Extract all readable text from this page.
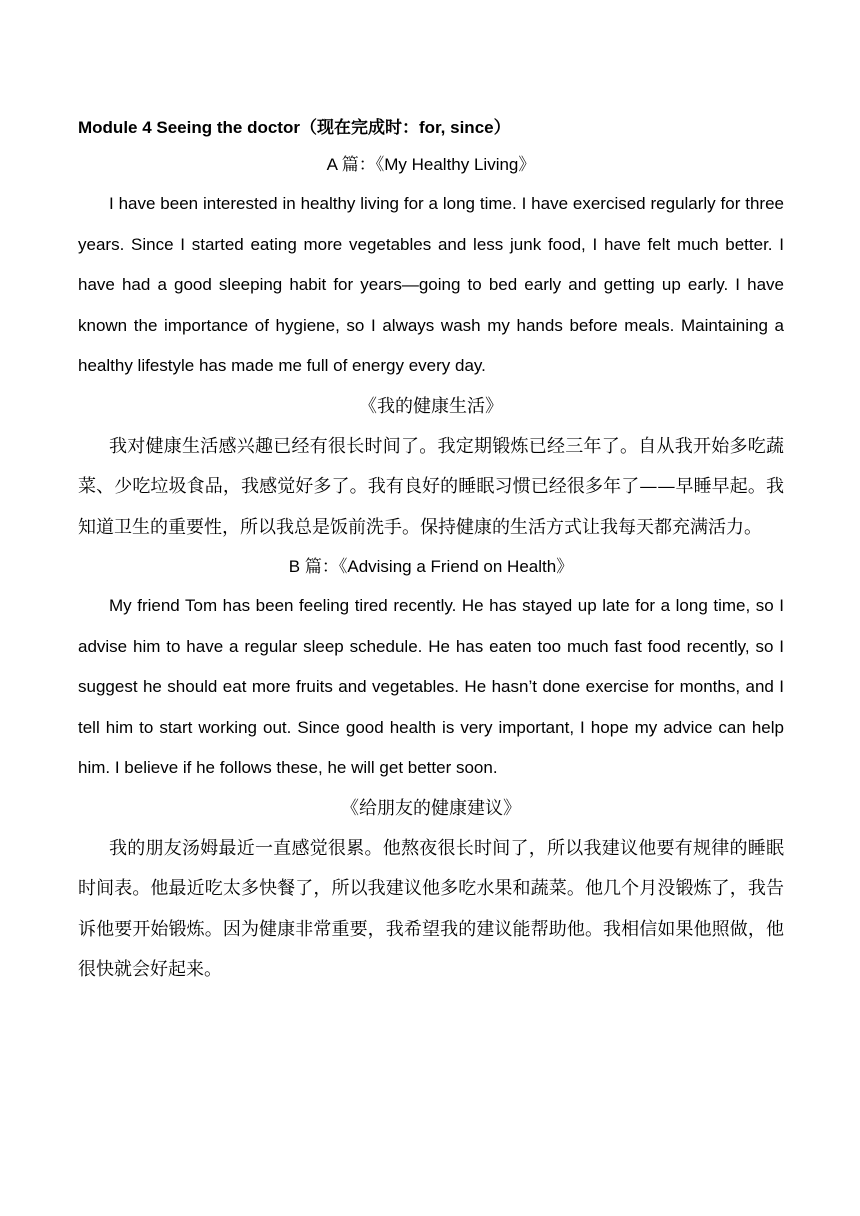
Module 4 Seeing the doctor（现在完成时：for, since）

A 篇：《My Healthy Living》

I have been interested in healthy living for a long time. I have exercised regularly for three years. Since I started eating more vegetables and less junk food, I have felt much better. I have had a good sleeping habit for years—going to bed early and getting up early. I have known the importance of hygiene, so I always wash my hands before meals. Maintaining a healthy lifestyle has made me full of energy every day.

《我的健康生活》

我对健康生活感兴趣已经有很长时间了。我定期锻炼已经三年了。自从我开始多吃蔬菜、少吃垃圾食品，我感觉好多了。我有良好的睡眠习惯已经很多年了——早睡早起。我知道卫生的重要性，所以我总是饭前洗手。保持健康的生活方式让我每天都充满活力。

B 篇：《Advising a Friend on Health》

My friend Tom has been feeling tired recently. He has stayed up late for a long time, so I advise him to have a regular sleep schedule. He has eaten too much fast food recently, so I suggest he should eat more fruits and vegetables. He hasn’t done exercise for months, and I tell him to start working out. Since good health is very important, I hope my advice can help him. I believe if he follows these, he will get better soon.

《给朋友的健康建议》

我的朋友汤姆最近一直感觉很累。他熬夜很长时间了，所以我建议他要有规律的睡眠时间表。他最近吃太多快餐了，所以我建议他多吃水果和蔬菜。他几个月没锻炼了，我告诉他要开始锻炼。因为健康非常重要，我希望我的建议能帮助他。我相信如果他照做，他很快就会好起来。
